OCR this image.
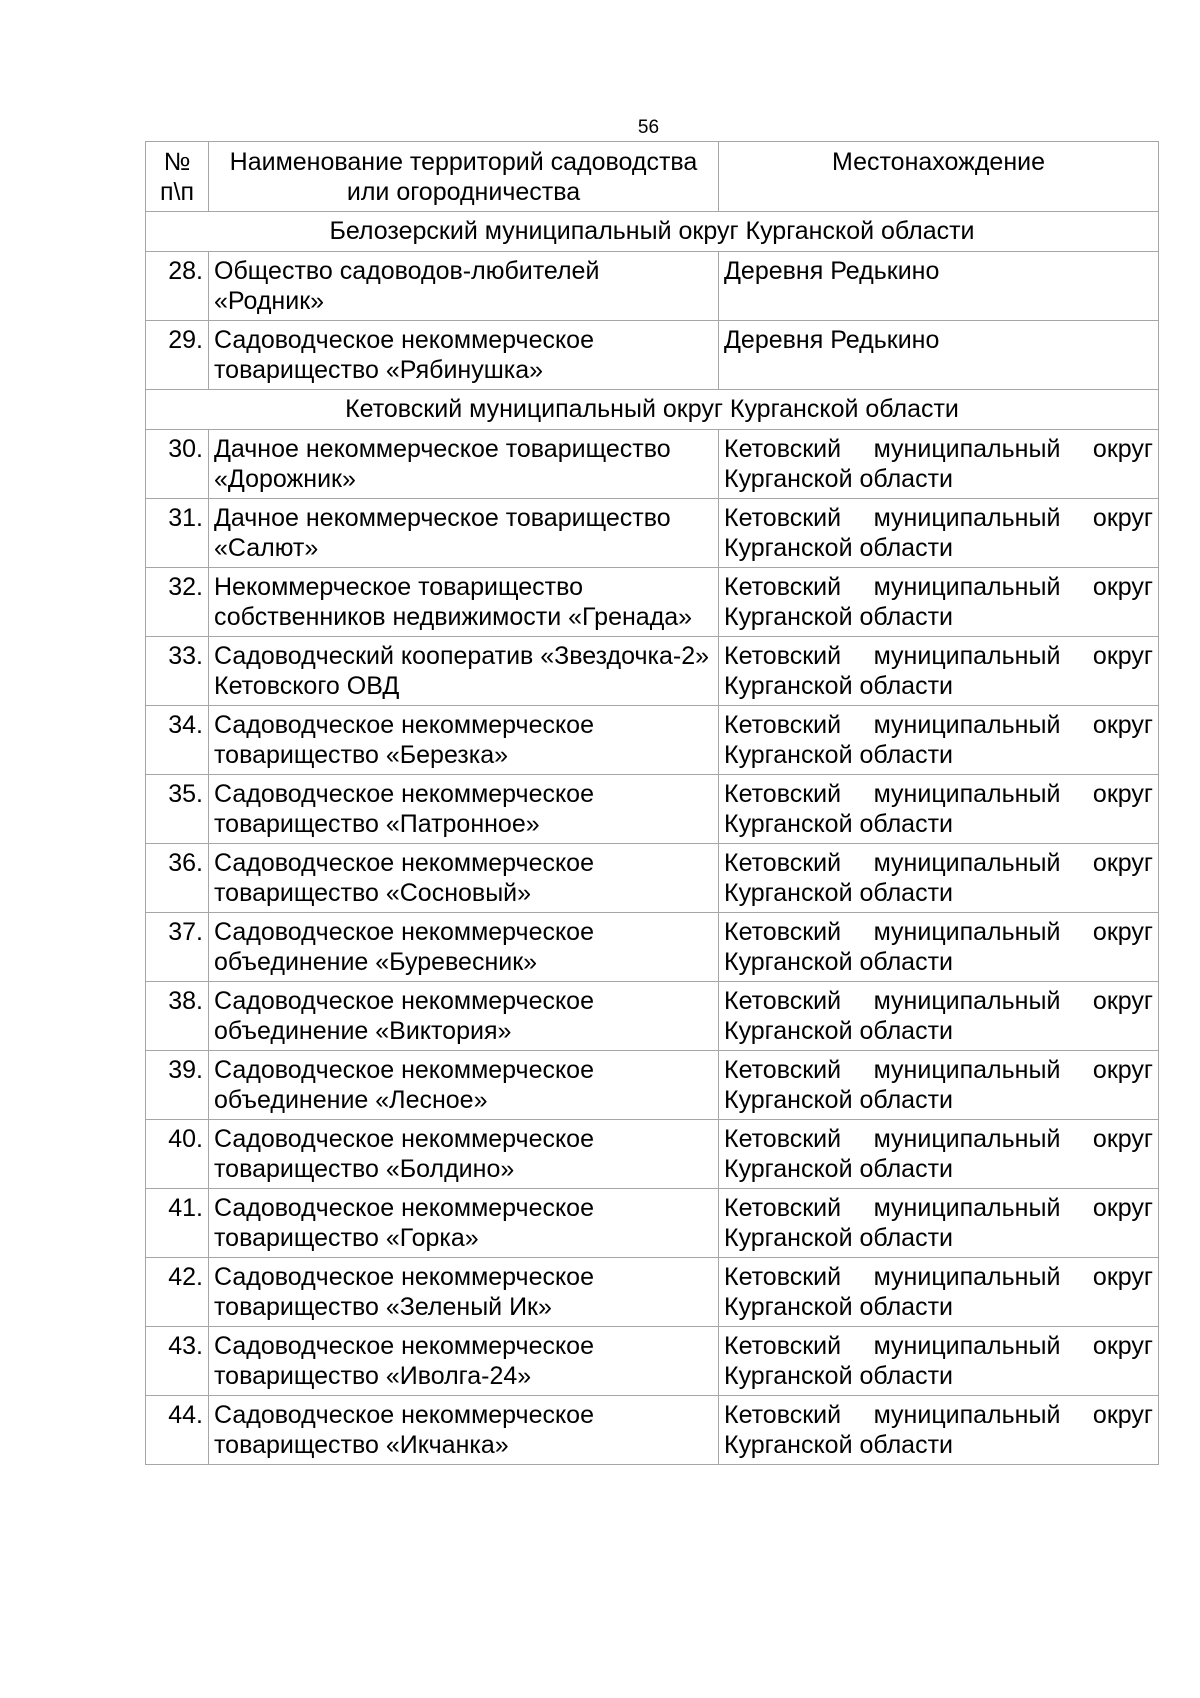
56
№ п\п	Наименование территорий садоводства или огородничества	Местонахождение
Белозерский муниципальный округ Курганской области		
28.	Общество садоводов-любителей «Родник»	Деревня Редькино
29.	Садоводческое некоммерческое товарищество «Рябинушка»	Деревня Редькино
Кетовский муниципальный округ Курганской области		
30.	Дачное некоммерческое товарищество «Дорожник»	Кетовский муниципальный округ
Курганской области

31.	Дачное некоммерческое товарищество «Салют»	Кетовский муниципальный округ
Курганской области

32.	Некоммерческое товарищество собственников недвижимости «Гренада»	Кетовский муниципальный округ
Курганской области

33.	Садоводческий кооператив «Звездочка-2» Кетовского ОВД	Кетовский муниципальный округ
Курганской области

34.	Садоводческое некоммерческое товарищество «Березка»	Кетовский муниципальный округ
Курганской области

35.	Садоводческое некоммерческое товарищество «Патронное»	Кетовский муниципальный округ
Курганской области

36.	Садоводческое некоммерческое товарищество «Сосновый»	Кетовский муниципальный округ
Курганской области

37.	Садоводческое некоммерческое объединение «Буревесник»	Кетовский муниципальный округ
Курганской области

38.	Садоводческое некоммерческое объединение «Виктория»	Кетовский муниципальный округ
Курганской области

39.	Садоводческое некоммерческое объединение «Лесное»	Кетовский муниципальный округ
Курганской области

40.	Садоводческое некоммерческое товарищество «Болдино»	Кетовский муниципальный округ
Курганской области

41.	Садоводческое некоммерческое товарищество «Горка»	Кетовский муниципальный округ
Курганской области

42.	Садоводческое некоммерческое товарищество «Зеленый Ик»	Кетовский муниципальный округ
Курганской области

43.	Садоводческое некоммерческое товарищество «Иволга-24»	Кетовский муниципальный округ
Курганской области

44.	Садоводческое некоммерческое товарищество «Икчанка»	Кетовский муниципальный округ
Курганской области
